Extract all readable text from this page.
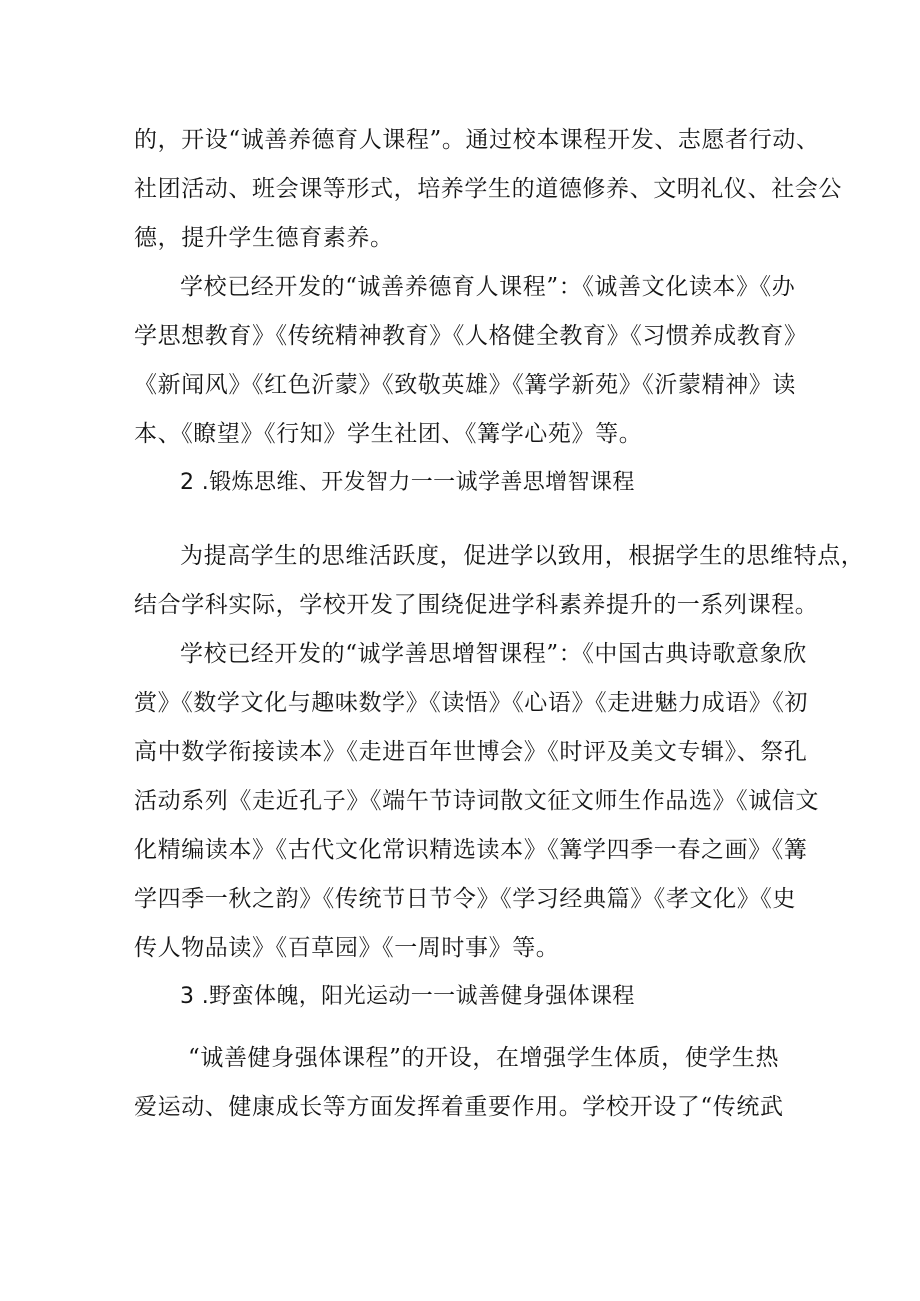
的，开设“诚善养德育人课程”。通过校本课程开发、志愿者行动、

社团活动、班会课等形式，培养学生的道德修养、文明礼仪、社会公

德，提升学生德育素养。

学校已经开发的“诚善养德育人课程”：《诚善文化读本》《办

学思想教育》《传统精神教育》《人格健全教育》《习惯养成教育》

《新闻风》《红色沂蒙》《致敬英雄》《篝学新苑》《沂蒙精神》读

本、《瞭望》《行知》学生社团、《篝学心苑》等。

2 .锻炼思维、开发智力一一诚学善思增智课程

为提高学生的思维活跃度，促进学以致用，根据学生的思维特点，

结合学科实际，学校开发了围绕促进学科素养提升的一系列课程。

学校已经开发的“诚学善思增智课程”：《中国古典诗歌意象欣

赏》《数学文化与趣味数学》《读悟》《心语》《走进魅力成语》《初

高中数学衔接读本》《走进百年世博会》《时评及美文专辑》、祭孔

活动系列《走近孔子》《端午节诗词散文征文师生作品选》《诚信文

化精编读本》《古代文化常识精选读本》《篝学四季一春之画》《篝

学四季一秋之韵》《传统节日节令》《学习经典篇》《孝文化》《史

传人物品读》《百草园》《一周时事》等。

3 .野蛮体魄，阳光运动一一诚善健身强体课程

“诚善健身强体课程”的开设，在增强学生体质，使学生热

爱运动、健康成长等方面发挥着重要作用。学校开设了“传统武
